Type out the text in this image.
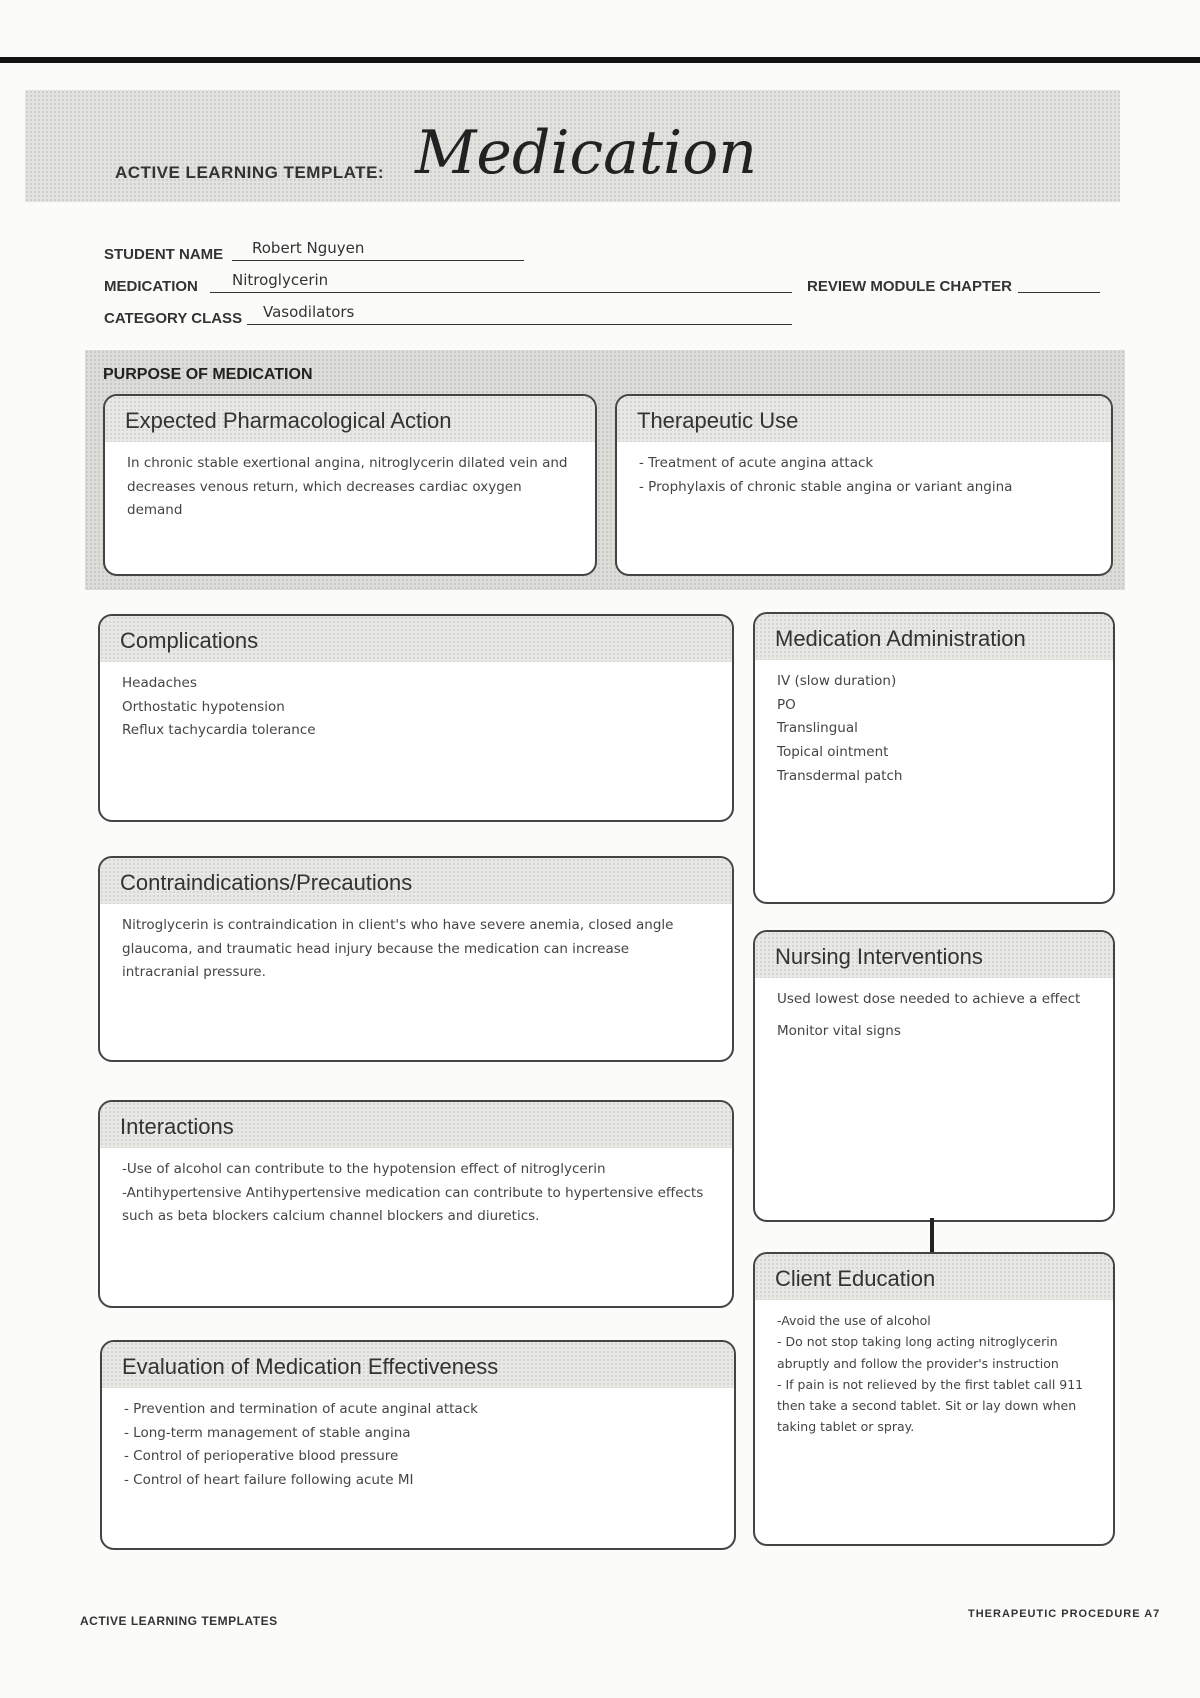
ACTIVE LEARNING TEMPLATE: Medication
STUDENT NAME Robert Nguyen
MEDICATION Nitroglycerin	REVIEW MODULE CHAPTER
CATEGORY CLASS Vasodilators
PURPOSE OF MEDICATION
Expected Pharmacological Action

In chronic stable exertional angina, nitroglycerin dilated vein and decreases venous return, which decreases cardiac oxygen demand

Therapeutic Use

- Treatment of acute angina attack

- Prophylaxis of chronic stable angina or variant angina

Complications

Headaches

Orthostatic hypotension

Reflux tachycardia tolerance

Medication Administration

IV (slow duration)

PO

Translingual

Topical ointment

Transdermal patch

Contraindications/Precautions

Nitroglycerin is contraindication in client's who have severe anemia, closed angle glaucoma, and traumatic head injury because the medication can increase intracranial pressure.

Nursing Interventions

Used lowest dose needed to achieve a effect

Monitor vital signs

Interactions

-Use of alcohol can contribute to the hypotension effect of nitroglycerin

-Antihypertensive Antihypertensive medication can contribute to hypertensive effects such as beta blockers calcium channel blockers and diuretics.

Client Education

-Avoid the use of alcohol

- Do not stop taking long acting nitroglycerin abruptly and follow the provider's instruction

- If pain is not relieved by the first tablet call 911 then take a second tablet. Sit or lay down when taking tablet or spray.

Evaluation of Medication Effectiveness

- Prevention and termination of acute anginal attack

- Long-term management of stable angina

- Control of perioperative blood pressure

- Control of heart failure following acute MI

ACTIVE LEARNING TEMPLATES	THERAPEUTIC PROCEDURE A7
